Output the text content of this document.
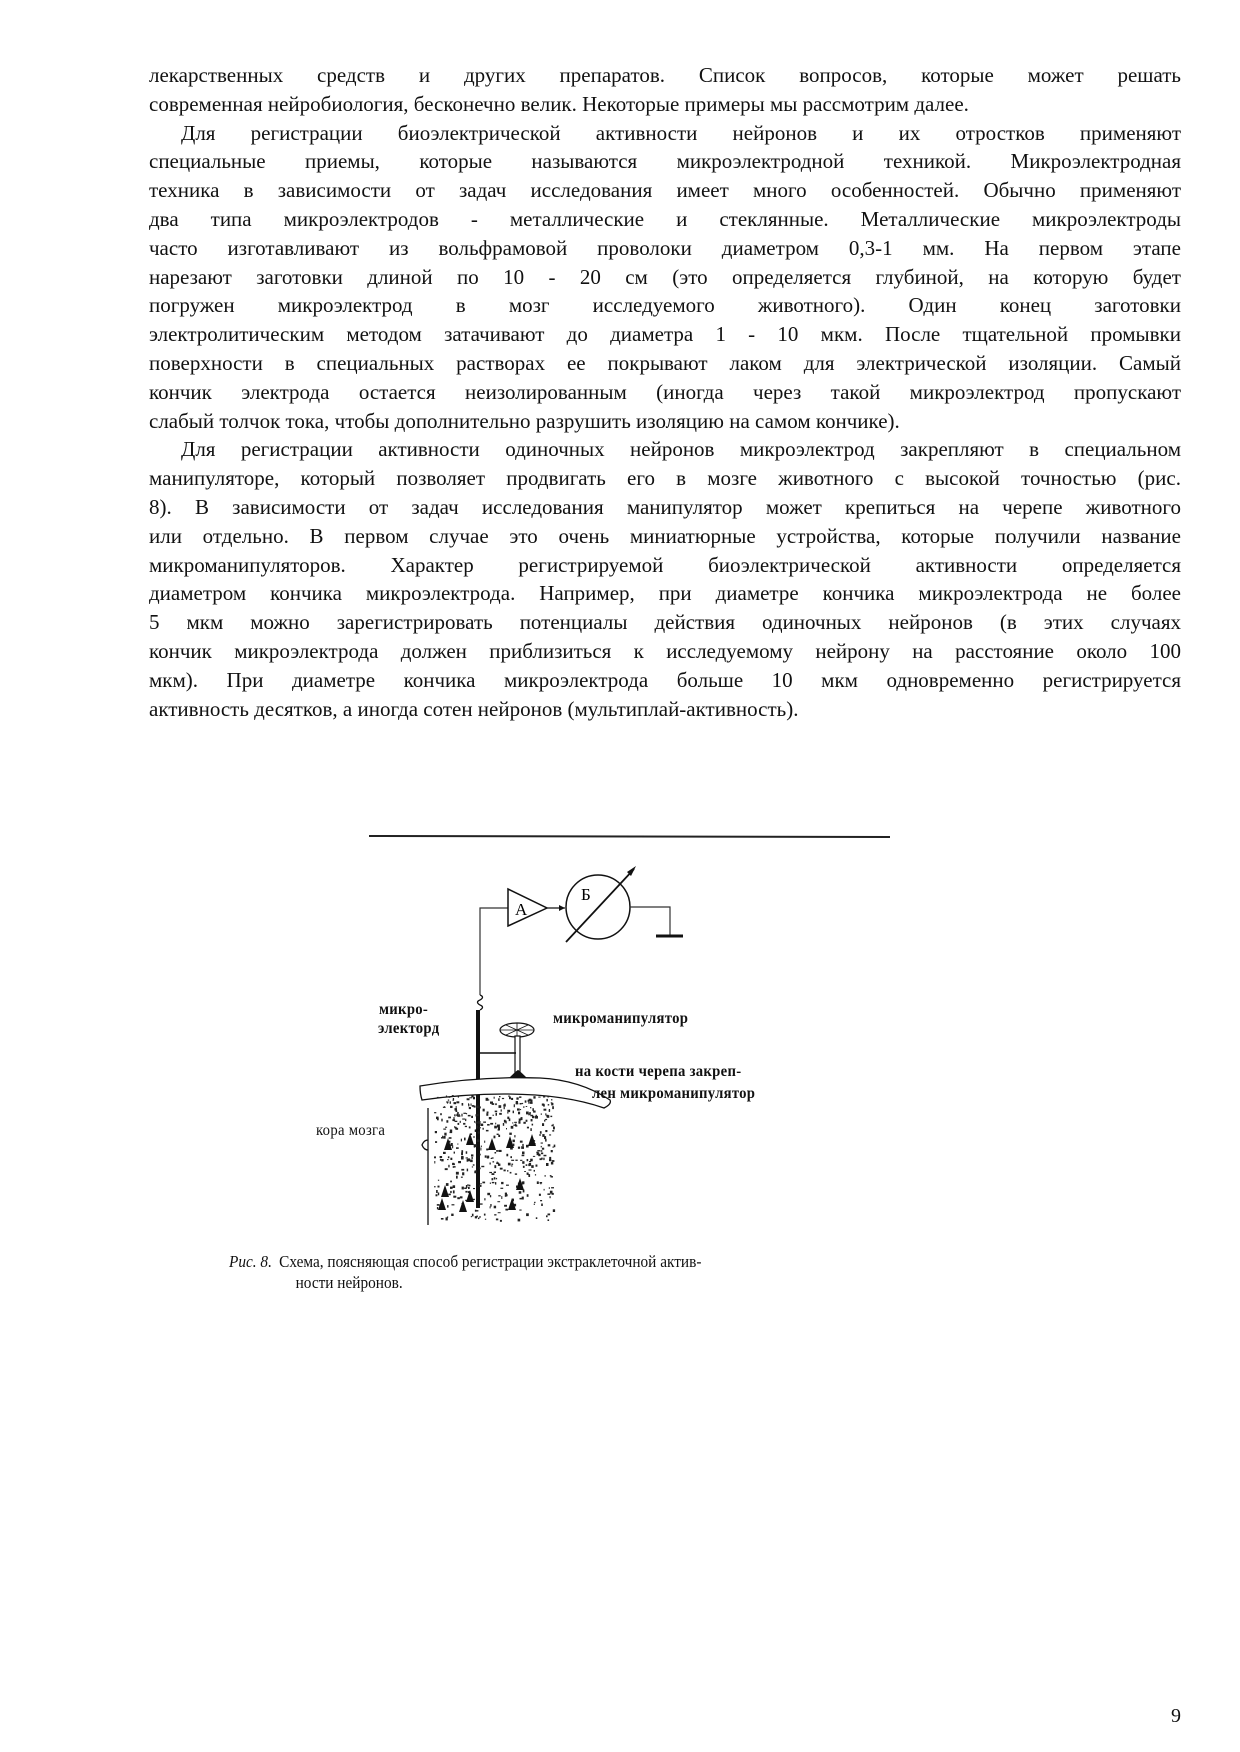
лекарственных средств и других препаратов. Список вопросов, которые может решать
современная нейробиология, бесконечно велик. Некоторые примеры мы рассмотрим далее.
Для регистрации биоэлектрической активности нейронов и их отростков применяют
специальные приемы, которые называются микроэлектродной техникой. Микроэлектродная
техника в зависимости от задач исследования имеет много особенностей. Обычно применяют
два типа микроэлектродов - металлические и стеклянные. Металлические микроэлектроды
часто изготавливают из вольфрамовой проволоки диаметром 0,3-1 мм. На первом этапе
нарезают заготовки длиной по 10 - 20 см (это определяется глубиной, на которую будет
погружен микроэлектрод в мозг исследуемого животного). Один конец заготовки
электролитическим методом затачивают до диаметра 1 - 10 мкм. После тщательной промывки
поверхности в специальных растворах ее покрывают лаком для электрической изоляции. Самый
кончик электрода остается неизолированным (иногда через такой микроэлектрод пропускают
слабый толчок тока, чтобы дополнительно разрушить изоляцию на самом кончике).
Для регистрации активности одиночных нейронов микроэлектрод закрепляют в специальном
манипуляторе, который позволяет продвигать его в мозге животного с высокой точностью (рис.
8). В зависимости от задач исследования манипулятор может крепиться на черепе животного
или отдельно. В первом случае это очень миниатюрные устройства, которые получили название
микроманипуляторов. Характер регистрируемой биоэлектрической активности определяется
диаметром кончика микроэлектрода. Например, при диаметре кончика микроэлектрода не более
5 мкм можно зарегистрировать потенциалы действия одиночных нейронов (в этих случаях
кончик микроэлектрода должен приблизиться к исследуемому нейрону на расстояние около 100
мкм). При диаметре кончика микроэлектрода больше 10 мкм одновременно регистрируется
активность десятков, а иногда сотен нейронов (мультиплай-активность).
А
Б
микро-
электорд
микроманипулятор
на кости черепа закреп-
лен микроманипулятор
кора мозга
Рис. 8. Схема, поясняющая способ регистрации экстраклеточной актив-
ности нейронов.
9
